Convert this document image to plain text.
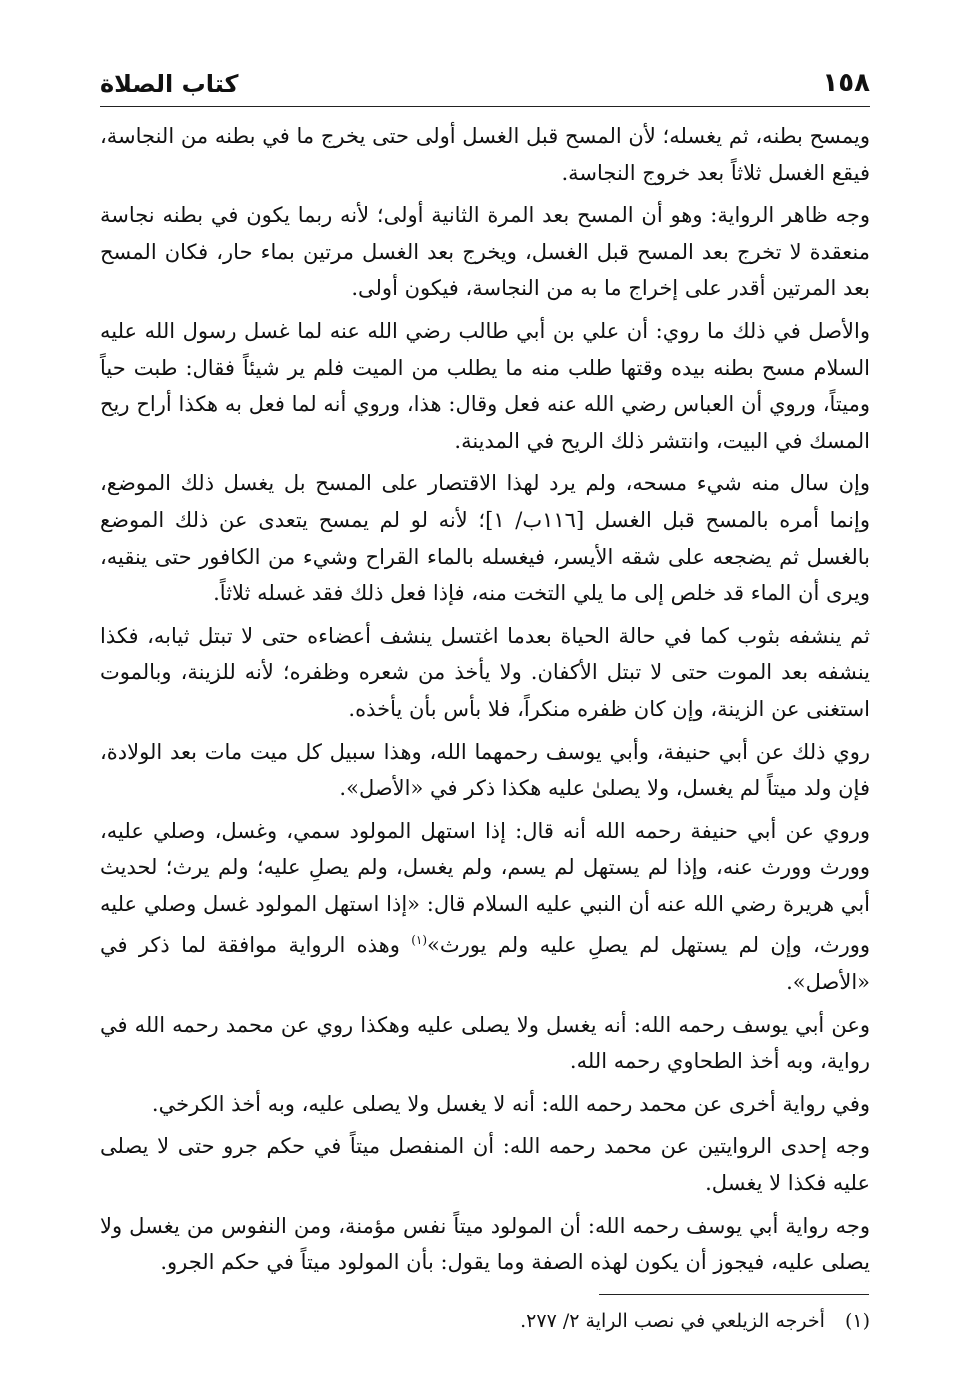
١٥٨
كتاب الصلاة

ويمسح بطنه، ثم يغسله؛ لأن المسح قبل الغسل أولى حتى يخرج ما في بطنه من النجاسة، فيقع الغسل ثلاثاً بعد خروج النجاسة.

وجه ظاهر الرواية: وهو أن المسح بعد المرة الثانية أولى؛ لأنه ربما يكون في بطنه نجاسة منعقدة لا تخرج بعد المسح قبل الغسل، ويخرج بعد الغسل مرتين بماء حار، فكان المسح بعد المرتين أقدر على إخراج ما به من النجاسة، فيكون أولى.

والأصل في ذلك ما روي: أن علي بن أبي طالب رضي الله عنه لما غسل رسول الله عليه السلام مسح بطنه بيده وقتها طلب منه ما يطلب من الميت فلم ير شيئاً فقال: طبت حياً وميتاً، وروي أن العباس رضي الله عنه فعل وقال: هذا، وروي أنه لما فعل به هكذا أراح ريح المسك في البيت، وانتشر ذلك الريح في المدينة.

وإن سال منه شيء مسحه، ولم يرد لهذا الاقتصار على المسح بل يغسل ذلك الموضع، وإنما أمره بالمسح قبل الغسل [١١٦ب/ ١]؛ لأنه لو لم يمسح يتعدى عن ذلك الموضع بالغسل ثم يضجعه على شقه الأيسر، فيغسله بالماء القراح وشيء من الكافور حتى ينقيه، ويرى أن الماء قد خلص إلى ما يلي التخت منه، فإذا فعل ذلك فقد غسله ثلاثاً.

ثم ينشفه بثوب كما في حالة الحياة بعدما اغتسل ينشف أعضاءه حتى لا تبتل ثيابه، فكذا ينشفه بعد الموت حتى لا تبتل الأكفان. ولا يأخذ من شعره وظفره؛ لأنه للزينة، وبالموت استغنى عن الزينة، وإن كان ظفره منكراً، فلا بأس بأن يأخذه.

روي ذلك عن أبي حنيفة، وأبي يوسف رحمهما الله، وهذا سبيل كل ميت مات بعد الولادة، فإن ولد ميتاً لم يغسل، ولا يصلىٰ عليه هكذا ذكر في «الأصل».

وروي عن أبي حنيفة رحمه الله أنه قال: إذا استهل المولود سمي، وغسل، وصلي عليه، وورث وورث عنه، وإذا لم يستهل لم يسم، ولم يغسل، ولم يصلِ عليه؛ ولم يرث؛ لحديث أبي هريرة رضي الله عنه أن النبي عليه السلام قال: «إذا استهل المولود غسل وصلي عليه وورث، وإن لم يستهل لم يصلِ عليه ولم يورث»$^{(١)}$ وهذه الرواية موافقة لما ذكر في «الأصل».

وعن أبي يوسف رحمه الله: أنه يغسل ولا يصلى عليه وهكذا روي عن محمد رحمه الله في رواية، وبه أخذ الطحاوي رحمه الله.

وفي رواية أخرى عن محمد رحمه الله: أنه لا يغسل ولا يصلى عليه، وبه أخذ الكرخي.

وجه إحدى الروايتين عن محمد رحمه الله: أن المنفصل ميتاً في حكم جرو حتى لا يصلى عليه فكذا لا يغسل.

وجه رواية أبي يوسف رحمه الله: أن المولود ميتاً نفس مؤمنة، ومن النفوس من يغسل ولا يصلى عليه، فيجوز أن يكون لهذه الصفة وما يقول: بأن المولود ميتاً في حكم الجرو.

(١) أخرجه الزيلعي في نصب الراية ٢/ ٢٧٧.
